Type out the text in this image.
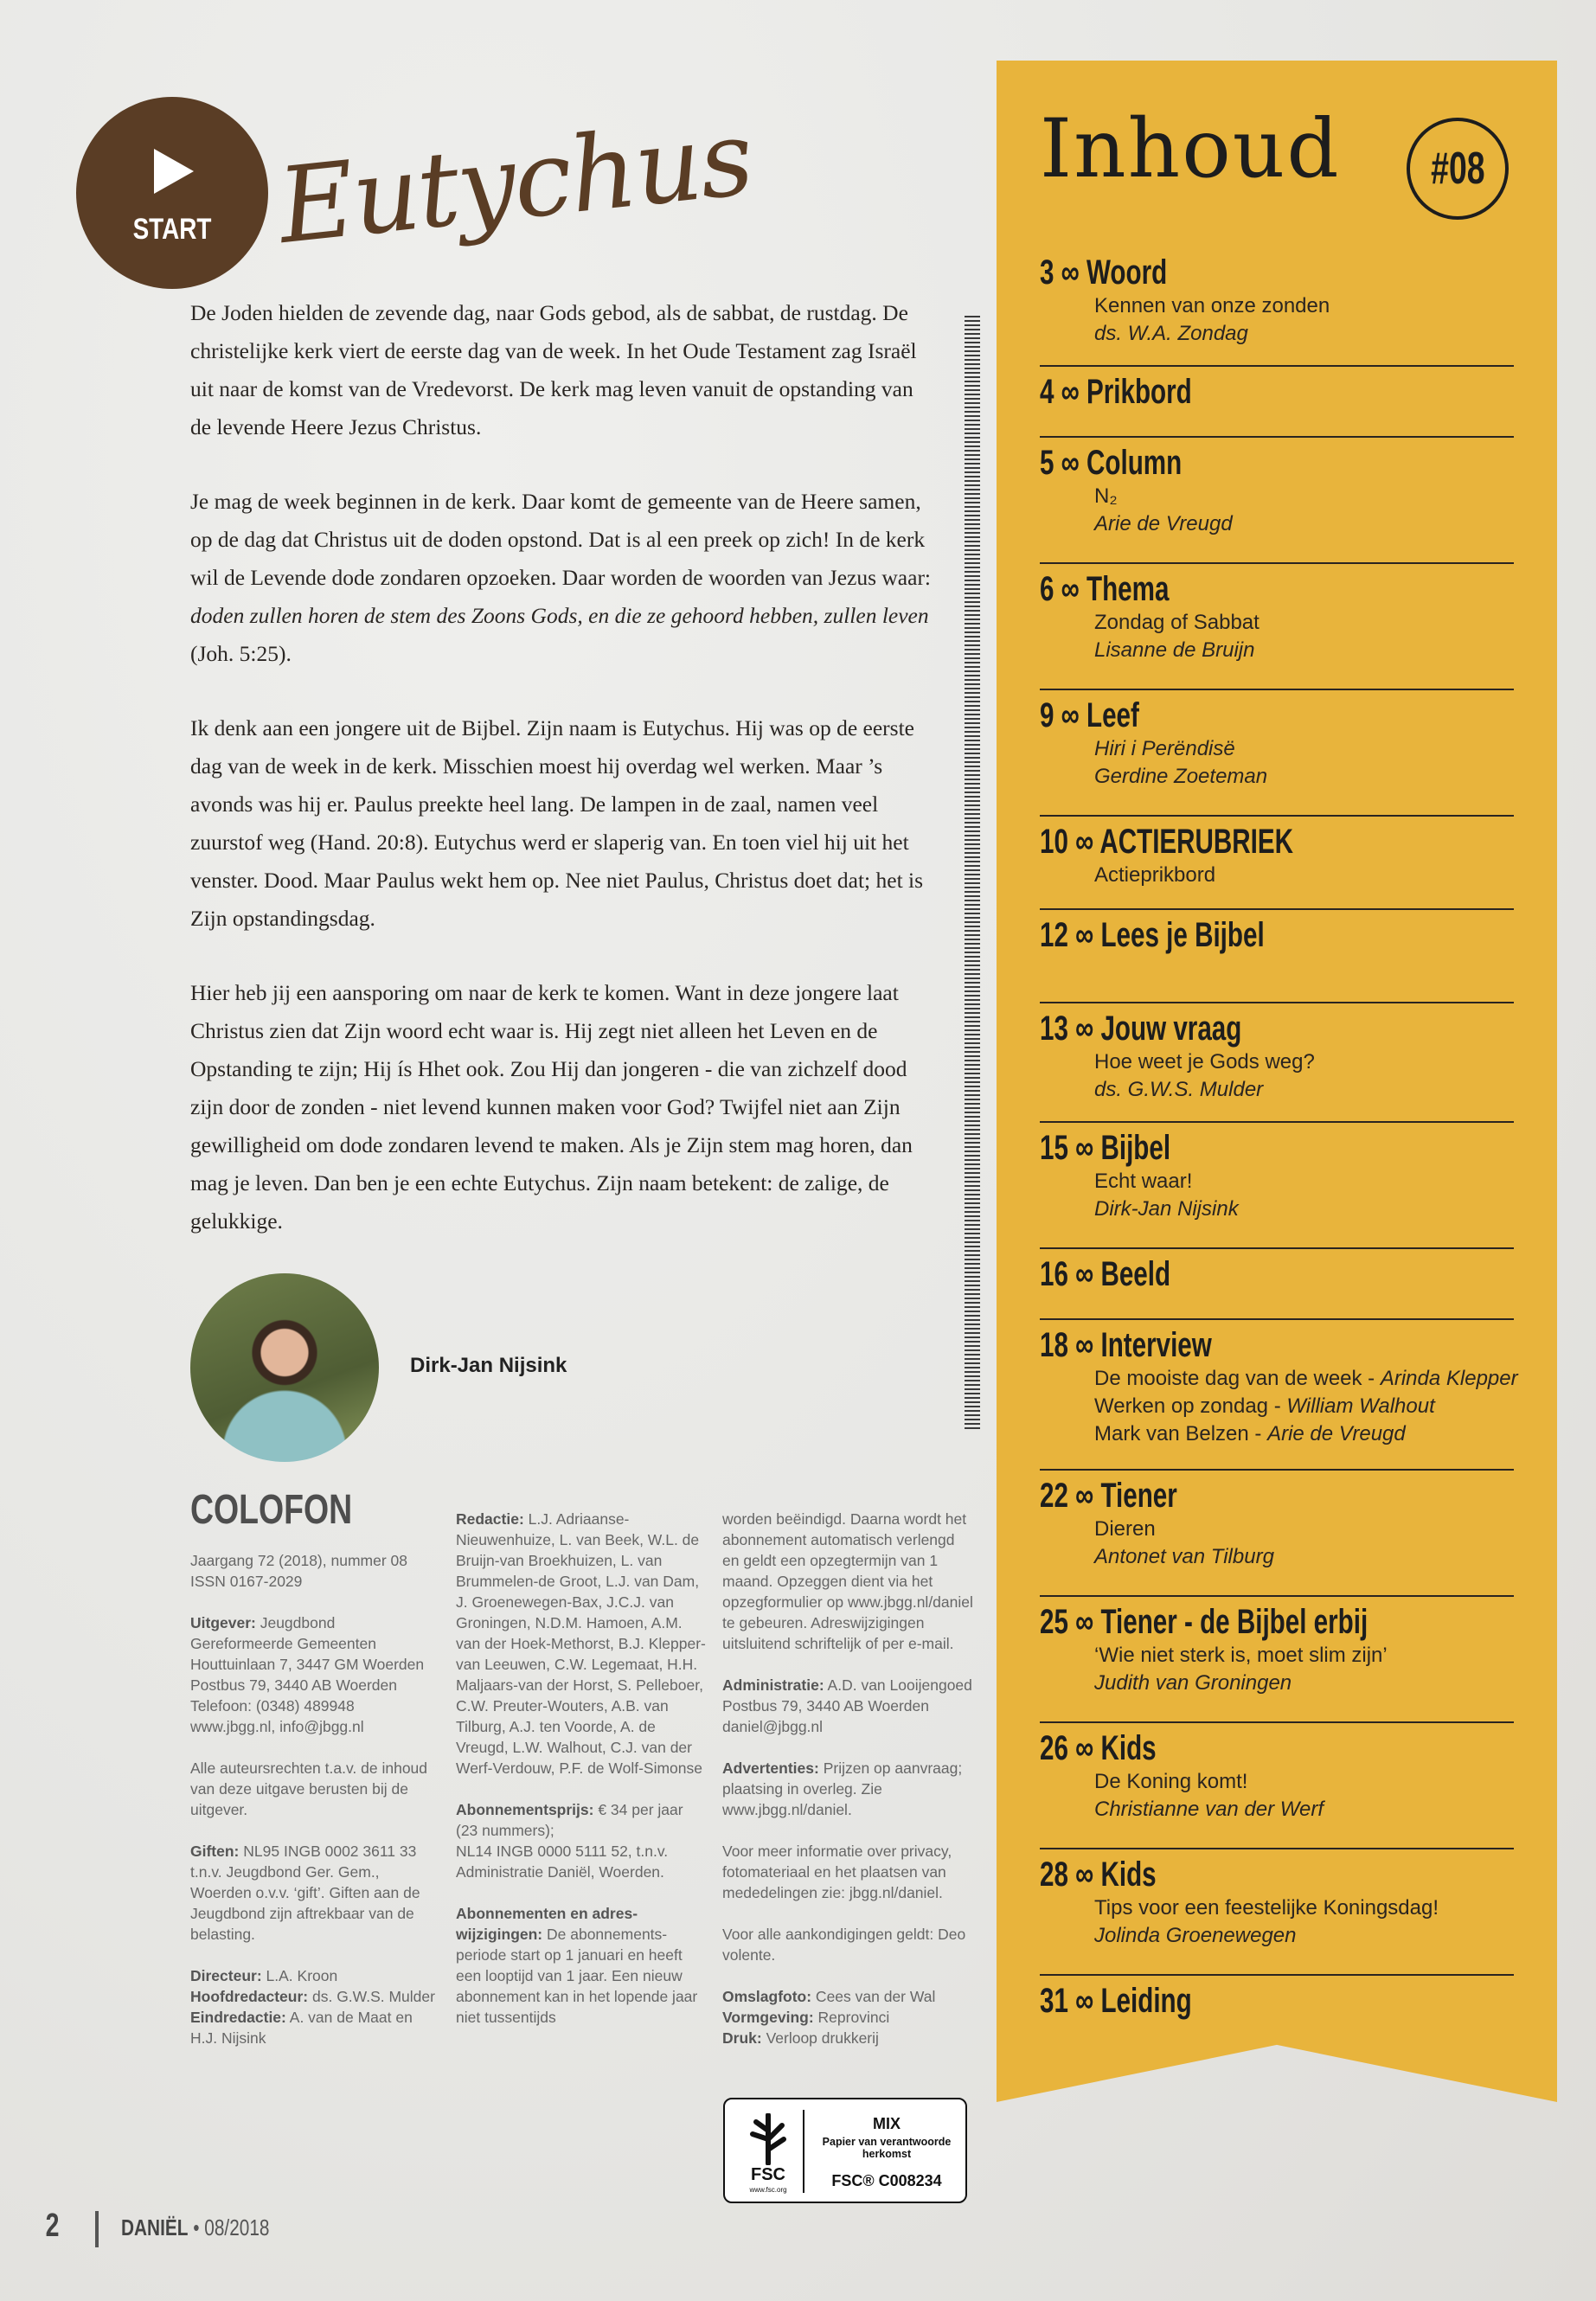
START Eutychus

De Joden hielden de zevende dag, naar Gods gebod, als de sabbat, de rustdag. De christelijke kerk viert de eerste dag van de week. In het Oude Testament zag Israël uit naar de komst van de Vredevorst. De kerk mag leven vanuit de opstanding van de levende Heere Jezus Christus.

Je mag de week beginnen in de kerk. Daar komt de gemeente van de Heere samen, op de dag dat Christus uit de doden opstond. Dat is al een preek op zich! In de kerk wil de Levende dode zondaren opzoeken. Daar worden de woorden van Jezus waar: doden zullen horen de stem des Zoons Gods, en die ze gehoord hebben, zullen leven (Joh. 5:25).

Ik denk aan een jongere uit de Bijbel. Zijn naam is Eutychus. Hij was op de eerste dag van de week in de kerk. Misschien moest hij overdag wel werken. Maar ’s avonds was hij er. Paulus preekte heel lang. De lampen in de zaal, namen veel zuurstof weg (Hand. 20:8). Eutychus werd er slaperig van. En toen viel hij uit het venster. Dood. Maar Paulus wekt hem op. Nee niet Paulus, Christus doet dat; het is Zijn opstandingsdag.

Hier heb jij een aansporing om naar de kerk te komen. Want in deze jongere laat Christus zien dat Zijn woord echt waar is. Hij zegt niet alleen het Leven en de Opstanding te zijn; Hij ís Hhet ook. Zou Hij dan jongeren - die van zichzelf dood zijn door de zonden - niet levend kunnen maken voor God? Twijfel niet aan Zijn gewilligheid om dode zondaren levend te maken. Als je Zijn stem mag horen, dan mag je leven. Dan ben je een echte Eutychus. Zijn naam betekent: de zalige, de gelukkige.

Dirk-Jan Nijsink
COLOFON

Jaargang 72 (2018), nummer 08
ISSN 0167-2029

Uitgever: Jeugdbond Gereformeerde Gemeenten
Houttuinlaan 7, 3447 GM Woerden
Postbus 79, 3440 AB Woerden
Telefoon: (0348) 489948
www.jbgg.nl, info@jbgg.nl

Alle auteursrechten t.a.v. de inhoud van deze uitgave berusten bij de uitgever.

Giften: NL95 INGB 0002 3611 33 t.n.v. Jeugdbond Ger. Gem., Woerden o.v.v. ‘gift’. Giften aan de Jeugdbond zijn aftrekbaar van de belasting.

Directeur: L.A. Kroon
Hoofdredacteur: ds. G.W.S. Mulder
Eindredactie: A. van de Maat en H.J. Nijsink

Redactie: L.J. Adriaanse-Nieuwenhuize, L. van Beek, W.L. de Bruijn-van Broekhuizen, L. van Brummelen-de Groot, L.J. van Dam, J. Groenewegen-Bax, J.C.J. van Groningen, N.D.M. Hamoen, A.M. van der Hoek-Methorst, B.J. Klepper-van Leeuwen, C.W. Legemaat, H.H. Maljaars-van der Horst, S. Pelleboer, C.W. Preuter-Wouters, A.B. van Tilburg, A.J. ten Voorde, A. de Vreugd, L.W. Walhout, C.J. van der Werf-Verdouw, P.F. de Wolf-Simonse

Abonnementsprijs: € 34 per jaar (23 nummers);
NL14 INGB 0000 5111 52, t.n.v. Administratie Daniël, Woerden.

Abonnementen en adres-wijzigingen: De abonnements-periode start op 1 januari en heeft een looptijd van 1 jaar. Een nieuw abonnement kan in het lopende jaar niet tussentijds

worden beëindigd. Daarna wordt het abonnement automatisch verlengd en geldt een opzegtermijn van 1 maand. Opzeggen dient via het opzegformulier op www.jbgg.nl/daniel te gebeuren. Adreswijzigingen uitsluitend schriftelijk of per e-mail.

Administratie: A.D. van Looijengoed
Postbus 79, 3440 AB Woerden
daniel@jbgg.nl

Advertenties: Prijzen op aanvraag; plaatsing in overleg. Zie www.jbgg.nl/daniel.

Voor meer informatie over privacy, fotomateriaal en het plaatsen van mededelingen zie: jbgg.nl/daniel.

Voor alle aankondigingen geldt: Deo volente.

Omslagfoto: Cees van der Wal
Vormgeving: Reprovinci
Druk: Verloop drukkerij

FSC
www.fsc.org
MIX
Papier van verantwoorde herkomst
FSC® C008234
2	DANIËL • 08/2018
Inhoud	#08
3 ∞ Woord
Kennen van onze zonden
ds. W.A. Zondag
4 ∞ Prikbord
5 ∞ Column
N₂
Arie de Vreugd
6 ∞ Thema
Zondag of Sabbat
Lisanne de Bruijn
9 ∞ Leef
Hiri i Perëndisë
Gerdine Zoeteman
10 ∞ ACTIERUBRIEK
Actieprikbord
12 ∞ Lees je Bijbel
13 ∞ Jouw vraag
Hoe weet je Gods weg?
ds. G.W.S. Mulder
15 ∞ Bijbel
Echt waar!
Dirk-Jan Nijsink
16 ∞ Beeld
18 ∞ Interview
De mooiste dag van de week - Arinda Klepper
Werken op zondag - William Walhout
Mark van Belzen - Arie de Vreugd
22 ∞ Tiener
Dieren
Antonet van Tilburg
25 ∞ Tiener - de Bijbel erbij
‘Wie niet sterk is, moet slim zijn’
Judith van Groningen
26 ∞ Kids
De Koning komt!
Christianne van der Werf
28 ∞ Kids
Tips voor een feestelijke Koningsdag!
Jolinda Groenewegen
31 ∞ Leiding
